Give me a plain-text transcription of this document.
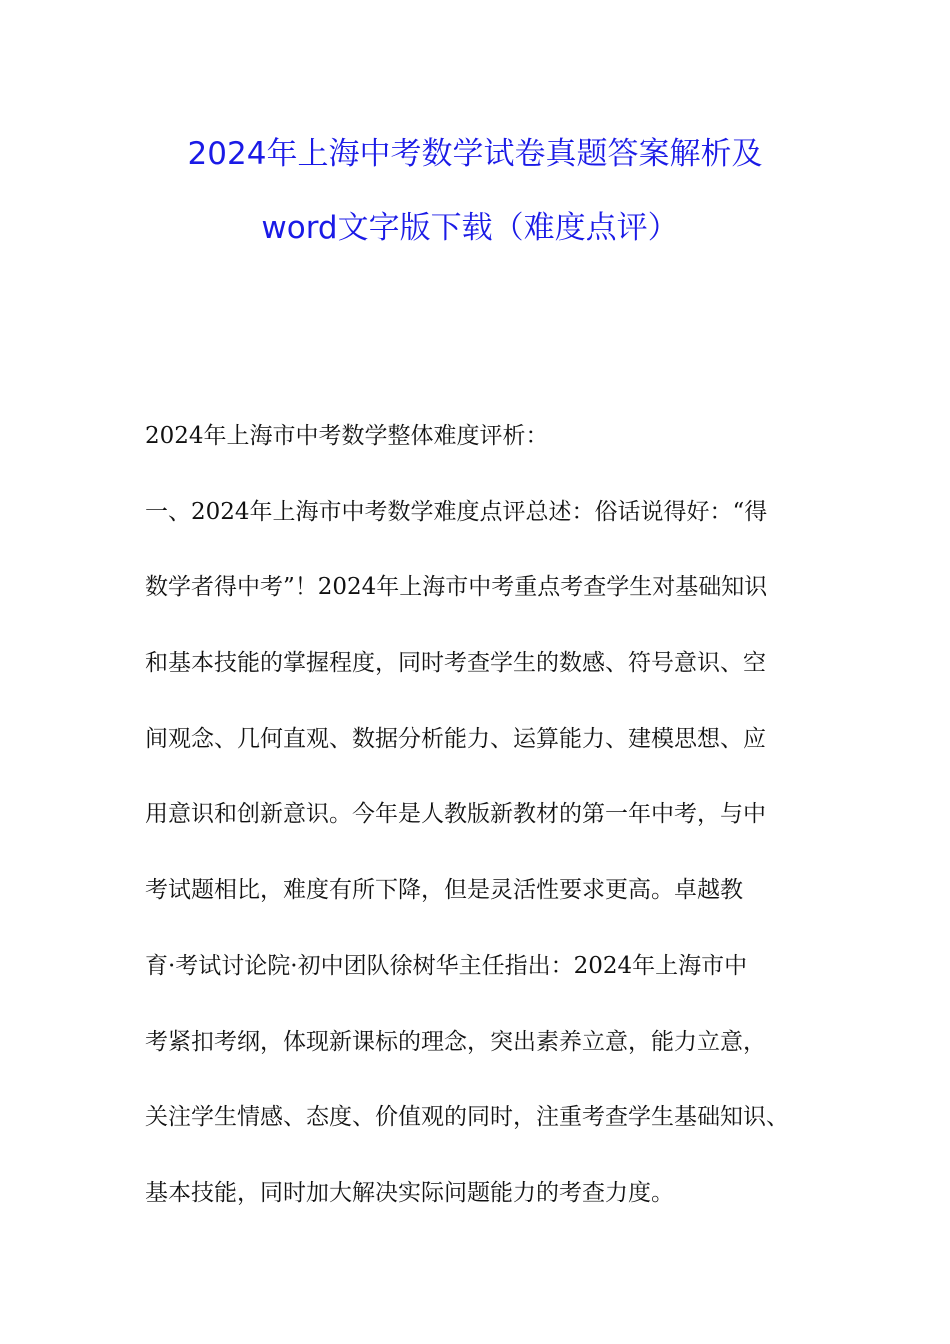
2024年上海中考数学试卷真题答案解析及
word文字版下载（难度点评）
2024年上海市中考数学整体难度评析：
一、2024年上海市中考数学难度点评总述：俗话说得好：“得
数学者得中考”！2024年上海市中考重点考查学生对基础知识
和基本技能的掌握程度，同时考查学生的数感、符号意识、空
间观念、几何直观、数据分析能力、运算能力、建模思想、应
用意识和创新意识。今年是人教版新教材的第一年中考，与中
考试题相比，难度有所下降，但是灵活性要求更高。卓越教
育·考试讨论院·初中团队徐树华主任指出：2024年上海市中
考紧扣考纲，体现新课标的理念，突出素养立意，能力立意，
关注学生情感、态度、价值观的同时，注重考查学生基础知识、
基本技能，同时加大解决实际问题能力的考查力度。
